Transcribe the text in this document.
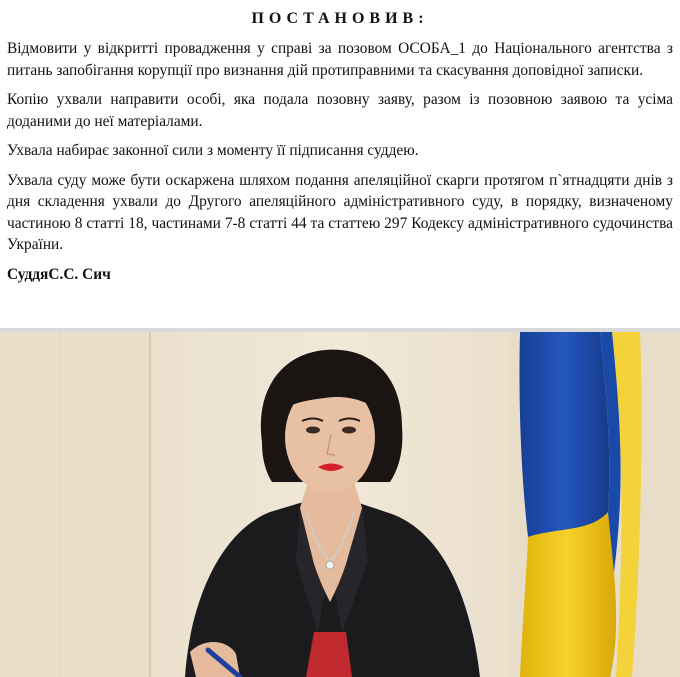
ПОСТАНОВИВ:

Відмовити у відкритті провадження у справі за позовом ОСОБА_1 до Національного агентства з питань запобігання корупції про визнання дій протиправними та скасування доповідної записки.

Копію ухвали направити особі, яка подала позовну заяву, разом із позовною заявою та усіма доданими до неї матеріалами.

Ухвала набирає законної сили з моменту її підписання суддею.

Ухвала суду може бути оскаржена шляхом подання апеляційної скарги протягом п`ятнадцяти днів з дня складення ухвали до Другого апеляційного адміністративного суду, в порядку, визначеному частиною 8 статті 18, частинами 7-8 статті 44 та статтею 297 Кодексу адміністративного судочинства України.

СуддяС.С. Сич
